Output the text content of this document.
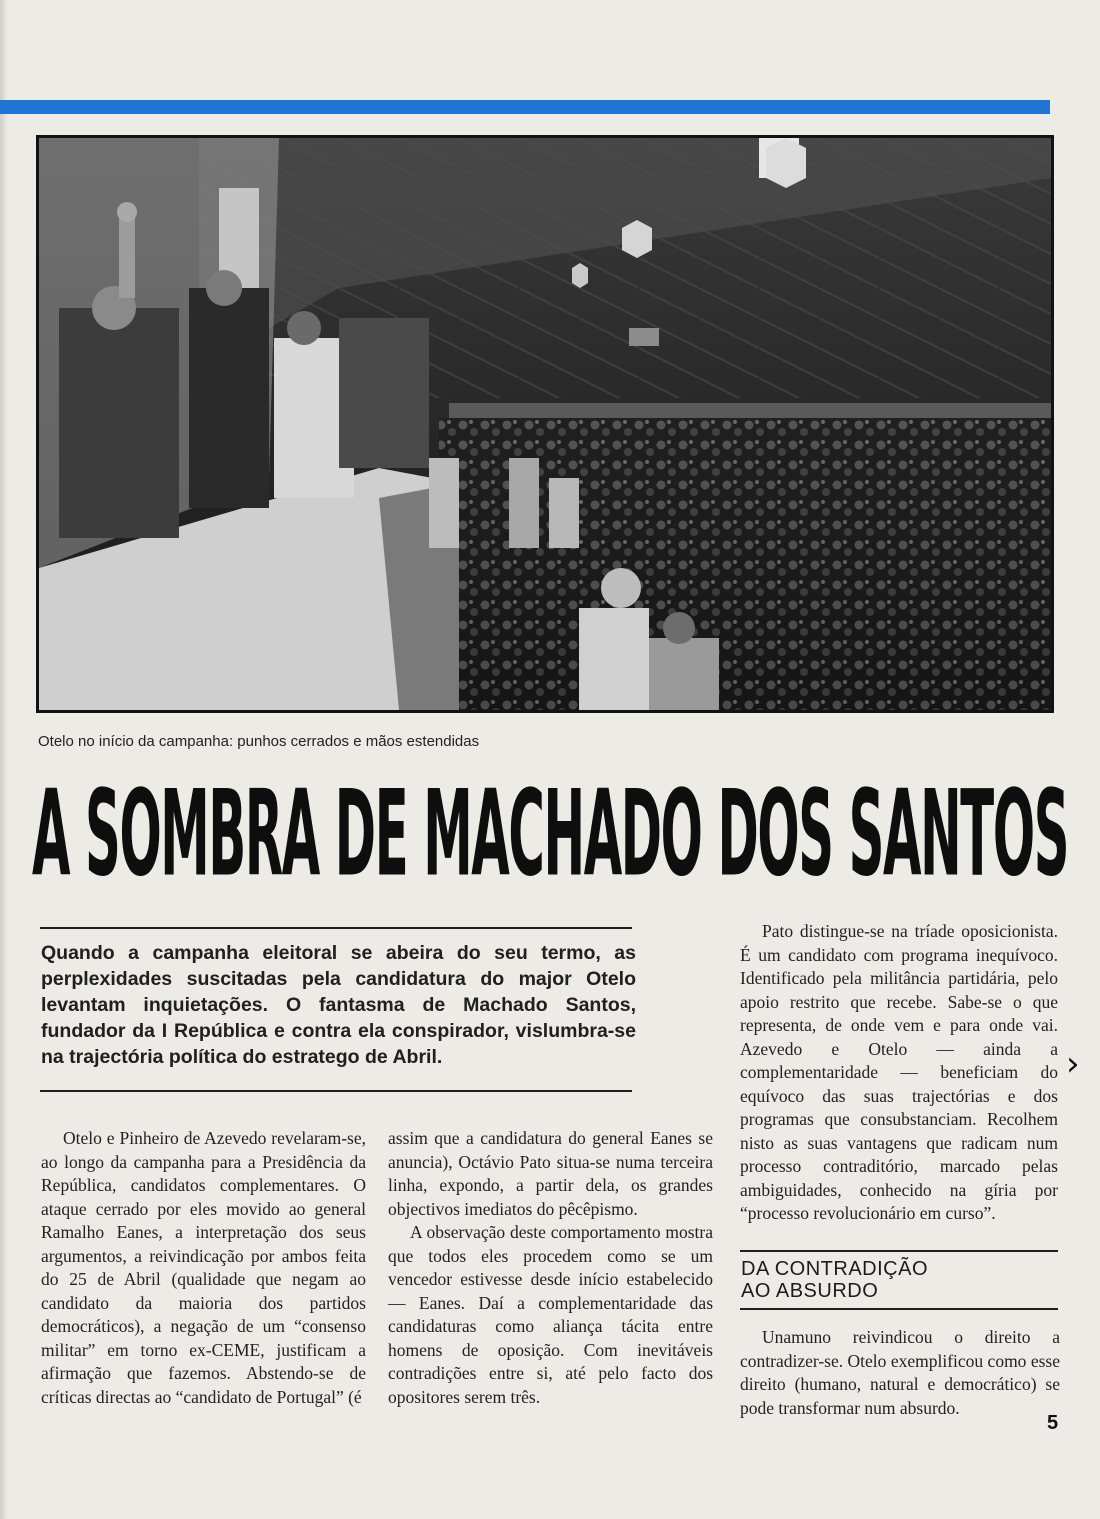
Otelo no início da campanha: punhos cerrados e mãos estendidas
A SOMBRA DE MACHADO DOS SANTOS
Quando a campanha eleitoral se abeira do seu termo, as perplexidades suscitadas pela candidatura do major Otelo levantam inquietações. O fantasma de Machado Santos, fundador da I República e contra ela conspirador, vislumbra-se na trajectória política do estratego de Abril.

Otelo e Pinheiro de Azevedo revelaram-se, ao longo da campanha para a Presidência da República, candidatos complementares. O ataque cerrado por eles movido ao general Ramalho Eanes, a interpretação dos seus argumentos, a reivindicação por ambos feita do 25 de Abril (qualidade que negam ao candidato da maioria dos partidos democráticos), a negação de um “consenso militar” em torno ex-CEME, justificam a afirmação que fazemos. Abstendo-se de críticas directas ao “candidato de Portugal” (é

assim que a candidatura do general Eanes se anuncia), Octávio Pato situa-se numa terceira linha, expondo, a partir dela, os grandes objectivos imediatos do pêcêpismo.

A observação deste comportamento mostra que todos eles procedem como se um vencedor estivesse desde início estabelecido — Eanes. Daí a complementaridade das candidaturas como aliança tácita entre homens de oposição. Com inevitáveis contradições entre si, até pelo facto dos opositores serem três.

Pato distingue-se na tríade oposicionista. É um candidato com programa inequívoco. Identificado pela militância partidária, pelo apoio restrito que recebe. Sabe-se o que representa, de onde vem e para onde vai. Azevedo e Otelo — ainda a complementaridade — beneficiam do equívoco das suas trajectórias e dos programas que consubstanciam. Recolhem nisto as suas vantagens que radicam num processo contraditório, marcado pelas ambiguidades, conhecido na gíria por “processo revolucionário em curso”.

DA CONTRADIÇÃO
AO ABSURDO

Unamuno reivindicou o direito a contradizer-se. Otelo exemplificou como esse direito (humano, natural e democrático) se pode transformar num absurdo.

›
5
